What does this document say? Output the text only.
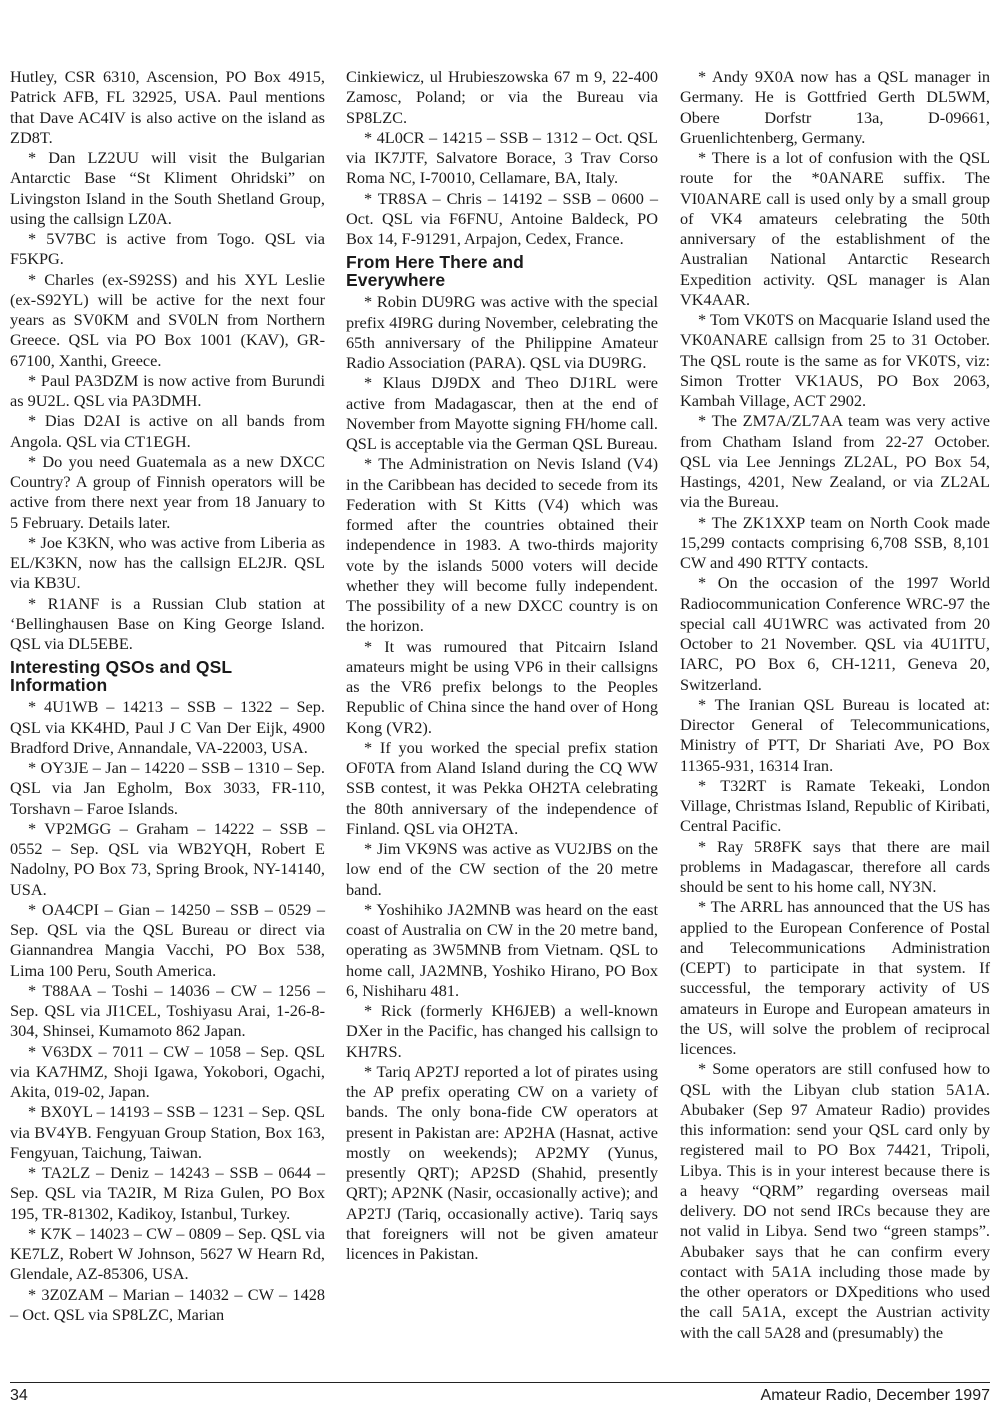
Hutley, CSR 6310, Ascension, PO Box 4915, Patrick AFB, FL 32925, USA. Paul mentions that Dave AC4IV is also active on the island as ZD8T.

* Dan LZ2UU will visit the Bulgarian Antarctic Base “St Kliment Ohridski” on Livingston Island in the South Shetland Group, using the callsign LZ0A.

* 5V7BC is active from Togo. QSL via F5KPG.

* Charles (ex-S92SS) and his XYL Leslie (ex-S92YL) will be active for the next four years as SV0KM and SV0LN from Northern Greece. QSL via PO Box 1001 (KAV), GR-67100, Xanthi, Greece.

* Paul PA3DZM is now active from Burundi as 9U2L. QSL via PA3DMH.

* Dias D2AI is active on all bands from Angola. QSL via CT1EGH.

* Do you need Guatemala as a new DXCC Country? A group of Finnish operators will be active from there next year from 18 January to 5 February. Details later.

* Joe K3KN, who was active from Liberia as EL/K3KN, now has the callsign EL2JR. QSL via KB3U.

* R1ANF is a Russian Club station at ‘Bellinghausen Base on King George Island. QSL via DL5EBE.

Interesting QSOs and QSL
Information

* 4U1WB – 14213 – SSB – 1322 – Sep. QSL via KK4HD, Paul J C Van Der Eijk, 4900 Bradford Drive, Annandale, VA-22003, USA.

* OY3JE – Jan – 14220 – SSB – 1310 – Sep. QSL via Jan Egholm, Box 3033, FR-110, Torshavn – Faroe Islands.

* VP2MGG – Graham – 14222 – SSB – 0552 – Sep. QSL via WB2YQH, Robert E Nadolny, PO Box 73, Spring Brook, NY-14140, USA.

* OA4CPI – Gian – 14250 – SSB – 0529 – Sep. QSL via the QSL Bureau or direct via Giannandrea Mangia Vacchi, PO Box 538, Lima 100 Peru, South America.

* T88AA – Toshi – 14036 – CW – 1256 – Sep. QSL via JI1CEL, Toshiyasu Arai, 1-26-8-304, Shinsei, Kumamoto 862 Japan.

* V63DX – 7011 – CW – 1058 – Sep. QSL via KA7HMZ, Shoji Igawa, Yokobori, Ogachi, Akita, 019-02, Japan.

* BX0YL – 14193 – SSB – 1231 – Sep. QSL via BV4YB. Fengyuan Group Station, Box 163, Fengyuan, Taichung, Taiwan.

* TA2LZ – Deniz – 14243 – SSB – 0644 – Sep. QSL via TA2IR, M Riza Gulen, PO Box 195, TR-81302, Kadikoy, Istanbul, Turkey.

* K7K – 14023 – CW – 0809 – Sep. QSL via KE7LZ, Robert W Johnson, 5627 W Hearn Rd, Glendale, AZ-85306, USA.

* 3Z0ZAM – Marian – 14032 – CW – 1428 – Oct. QSL via SP8LZC, Marian

Cinkiewicz, ul Hrubieszowska 67 m 9, 22-400 Zamosc, Poland; or via the Bureau via SP8LZC.

* 4L0CR – 14215 – SSB – 1312 – Oct. QSL via IK7JTF, Salvatore Borace, 3 Trav Corso Roma NC, I-70010, Cellamare, BA, Italy.

* TR8SA – Chris – 14192 – SSB – 0600 – Oct. QSL via F6FNU, Antoine Baldeck, PO Box 14, F-91291, Arpajon, Cedex, France.

From Here There and
Everywhere

* Robin DU9RG was active with the special prefix 4I9RG during November, celebrating the 65th anniversary of the Philippine Amateur Radio Association (PARA). QSL via DU9RG.

* Klaus DJ9DX and Theo DJ1RL were active from Madagascar, then at the end of November from Mayotte signing FH/home call. QSL is acceptable via the German QSL Bureau.

* The Administration on Nevis Island (V4) in the Caribbean has decided to secede from its Federation with St Kitts (V4) which was formed after the countries obtained their independence in 1983. A two-thirds majority vote by the islands 5000 voters will decide whether they will become fully independent. The possibility of a new DXCC country is on the horizon.

* It was rumoured that Pitcairn Island amateurs might be using VP6 in their callsigns as the VR6 prefix belongs to the Peoples Republic of China since the hand over of Hong Kong (VR2).

* If you worked the special prefix station OF0TA from Aland Island during the CQ WW SSB contest, it was Pekka OH2TA celebrating the 80th anniversary of the independence of Finland. QSL via OH2TA.

* Jim VK9NS was active as VU2JBS on the low end of the CW section of the 20 metre band.

* Yoshihiko JA2MNB was heard on the east coast of Australia on CW in the 20 metre band, operating as 3W5MNB from Vietnam. QSL to home call, JA2MNB, Yoshiko Hirano, PO Box 6, Nishiharu 481.

* Rick (formerly KH6JEB) a well-known DXer in the Pacific, has changed his callsign to KH7RS.

* Tariq AP2TJ reported a lot of pirates using the AP prefix operating CW on a variety of bands. The only bona-fide CW operators at present in Pakistan are: AP2HA (Hasnat, active mostly on weekends); AP2MY (Yunus, presently QRT); AP2SD (Shahid, presently QRT); AP2NK (Nasir, occasionally active); and AP2TJ (Tariq, occasionally active). Tariq says that foreigners will not be given amateur licences in Pakistan.

* Andy 9X0A now has a QSL manager in Germany. He is Gottfried Gerth DL5WM, Obere Dorfstr 13a, D-09661, Gruenlichtenberg, Germany.

* There is a lot of confusion with the QSL route for the *0ANARE suffix. The VI0ANARE call is used only by a small group of VK4 amateurs celebrating the 50th anniversary of the establishment of the Australian National Antarctic Research Expedition activity. QSL manager is Alan VK4AAR.

* Tom VK0TS on Macquarie Island used the VK0ANARE callsign from 25 to 31 October. The QSL route is the same as for VK0TS, viz: Simon Trotter VK1AUS, PO Box 2063, Kambah Village, ACT 2902.

* The ZM7A/ZL7AA team was very active from Chatham Island from 22-27 October. QSL via Lee Jennings ZL2AL, PO Box 54, Hastings, 4201, New Zealand, or via ZL2AL via the Bureau.

* The ZK1XXP team on North Cook made 15,299 contacts comprising 6,708 SSB, 8,101 CW and 490 RTTY contacts.

* On the occasion of the 1997 World Radiocommunication Conference WRC-97 the special call 4U1WRC was activated from 20 October to 21 November. QSL via 4U1ITU, IARC, PO Box 6, CH-1211, Geneva 20, Switzerland.

* The Iranian QSL Bureau is located at: Director General of Telecommunications, Ministry of PTT, Dr Shariati Ave, PO Box 11365-931, 16314 Iran.

* T32RT is Ramate Tekeaki, London Village, Christmas Island, Republic of Kiribati, Central Pacific.

* Ray 5R8FK says that there are mail problems in Madagascar, therefore all cards should be sent to his home call, NY3N.

* The ARRL has announced that the US has applied to the European Conference of Postal and Telecommunications Administration (CEPT) to participate in that system. If successful, the temporary activity of US amateurs in Europe and European amateurs in the US, will solve the problem of reciprocal licences.

* Some operators are still confused how to QSL with the Libyan club station 5A1A. Abubaker (Sep 97 Amateur Radio) provides this information: send your QSL card only by registered mail to PO Box 74421, Tripoli, Libya. This is in your interest because there is a heavy “QRM” regarding overseas mail delivery. DO not send IRCs because they are not valid in Libya. Send two “green stamps”. Abubaker says that he can confirm every contact with 5A1A including those made by the other operators or DXpeditions who used the call 5A1A, except the Austrian activity with the call 5A28 and (presumably) the

34	Amateur Radio, December 1997
